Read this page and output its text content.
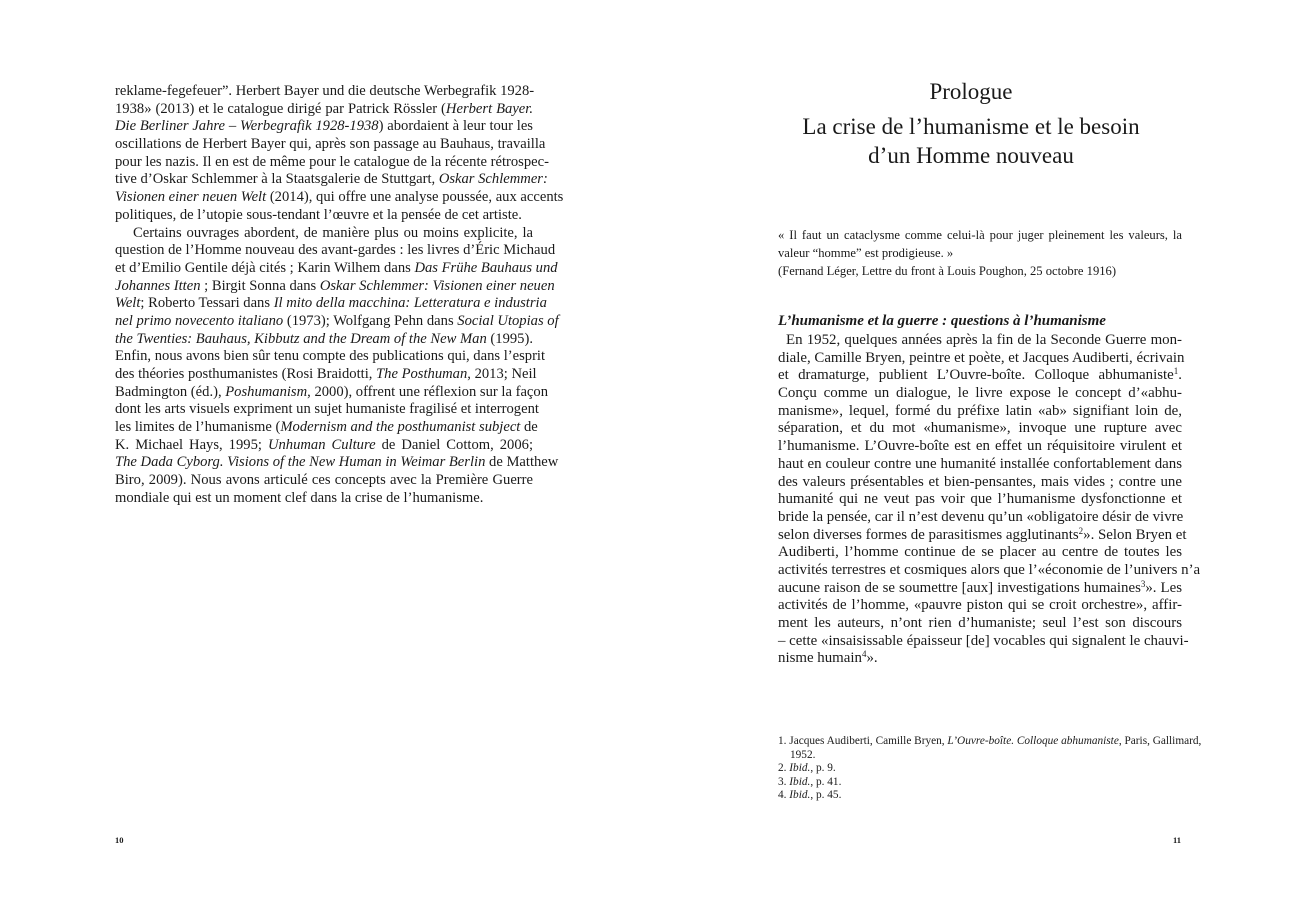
reklame-fegefeuer”. Herbert Bayer und die deutsche Werbegrafik 1928-
1938» (2013) et le catalogue dirigé par Patrick Rössler (Herbert Bayer.
Die Berliner Jahre – Werbegrafik 1928-1938) abordaient à leur tour les
oscillations de Herbert Bayer qui, après son passage au Bauhaus, travailla
pour les nazis. Il en est de même pour le catalogue de la récente rétrospec-
tive d’Oskar Schlemmer à la Staatsgalerie de Stuttgart, Oskar Schlemmer:
Visionen einer neuen Welt (2014), qui offre une analyse poussée, aux accents
politiques, de l’utopie sous-tendant l’œuvre et la pensée de cet artiste.
Certains ouvrages abordent, de manière plus ou moins explicite, la
question de l’Homme nouveau des avant-gardes : les livres d’Éric Michaud
et d’Emilio Gentile déjà cités ; Karin Wilhem dans Das Frühe Bauhaus und
Johannes Itten ; Birgit Sonna dans Oskar Schlemmer: Visionen einer neuen
Welt; Roberto Tessari dans Il mito della macchina: Letteratura e industria
nel primo novecento italiano (1973); Wolfgang Pehn dans Social Utopias of
the Twenties: Bauhaus, Kibbutz and the Dream of the New Man (1995).
Enfin, nous avons bien sûr tenu compte des publications qui, dans l’esprit
des théories posthumanistes (Rosi Braidotti, The Posthuman, 2013; Neil
Badmington (éd.), Poshumanism, 2000), offrent une réflexion sur la façon
dont les arts visuels expriment un sujet humaniste fragilisé et interrogent
les limites de l’humanisme (Modernism and the posthumanist subject de
K. Michael Hays, 1995; Unhuman Culture de Daniel Cottom, 2006;
The Dada Cyborg. Visions of the New Human in Weimar Berlin de Matthew
Biro, 2009). Nous avons articulé ces concepts avec la Première Guerre
mondiale qui est un moment clef dans la crise de l’humanisme.
10
Prologue
La crise de l’humanisme et le besoin
d’un Homme nouveau
« Il faut un cataclysme comme celui-là pour juger pleinement les valeurs, la
valeur “homme” est prodigieuse. »
(Fernand Léger, Lettre du front à Louis Poughon, 25 octobre 1916)
L’humanisme et la guerre : questions à l’humanisme
En 1952, quelques années après la fin de la Seconde Guerre mon-
diale, Camille Bryen, peintre et poète, et Jacques Audiberti, écrivain
et dramaturge, publient L’Ouvre-boîte. Colloque abhumaniste$^1$.
Conçu comme un dialogue, le livre expose le concept d’«abhu-
manisme», lequel, formé du préfixe latin «ab» signifiant loin de,
séparation, et du mot «humanisme», invoque une rupture avec
l’humanisme. L’Ouvre-boîte est en effet un réquisitoire virulent et
haut en couleur contre une humanité installée confortablement dans
des valeurs présentables et bien-pensantes, mais vides ; contre une
humanité qui ne veut pas voir que l’humanisme dysfonctionne et
bride la pensée, car il n’est devenu qu’un «obligatoire désir de vivre
selon diverses formes de parasitismes agglutinants$^2$». Selon Bryen et
Audiberti, l’homme continue de se placer au centre de toutes les
activités terrestres et cosmiques alors que l’«économie de l’univers n’a
aucune raison de se soumettre [aux] investigations humaines$^3$». Les
activités de l’homme, «pauvre piston qui se croit orchestre», affir-
ment les auteurs, n’ont rien d’humaniste; seul l’est son discours
– cette «insaisissable épaisseur [de] vocables qui signalent le chauvi-
nisme humain$^4$».
1. Jacques Audiberti, Camille Bryen, L’Ouvre-boîte. Colloque abhumaniste, Paris, Gallimard,
1952.
2. Ibid., p. 9.
3. Ibid., p. 41.
4. Ibid., p. 45.
11
